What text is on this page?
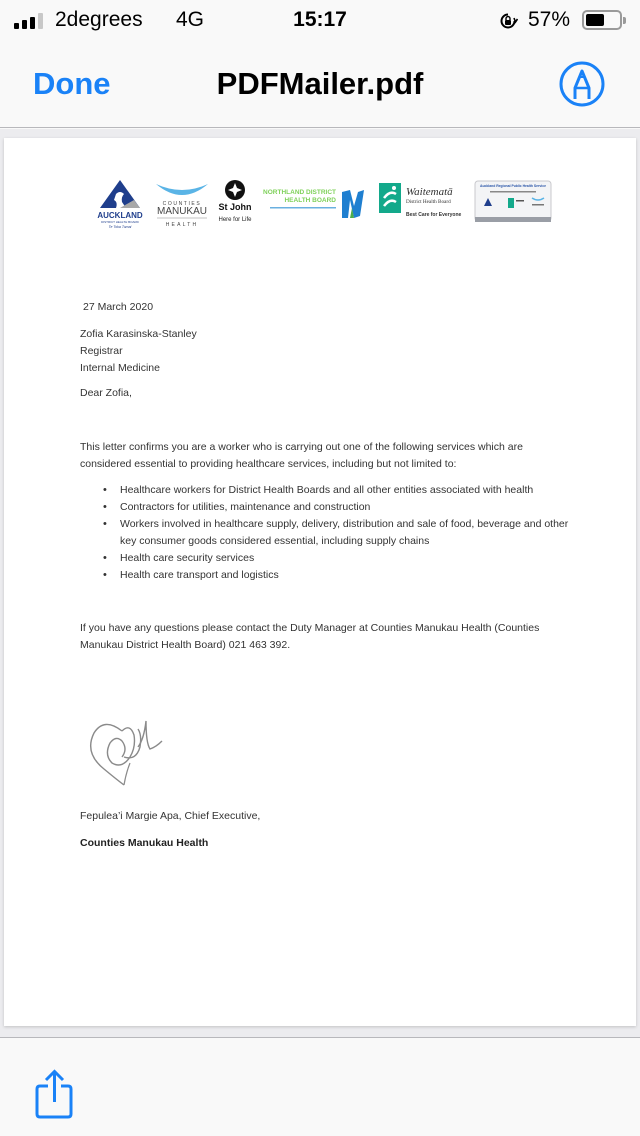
2degrees 4G	15:17	57%
Done	PDFMailer.pdf
AUCKLAND
DISTRICT HEALTH BOARD
Te Toka Tumai
COUNTIES
MANUKAU
HEALTH
St John
Here for Life
NORTHLAND DISTRICT
HEALTH BOARD
Waitematā
District Health Board
Best Care for Everyone
Auckland Regional Public Health Service
27 March 2020
Zofia Karasinska-Stanley
Registrar
Internal Medicine
Dear Zofia,
This letter confirms you are a worker who is carrying out one of the following services which are considered essential to providing healthcare services, including but not limited to:
• Healthcare workers for District Health Boards and all other entities associated with health
• Contractors for utilities, maintenance and construction
• Workers involved in healthcare supply, delivery, distribution and sale of food, beverage and other key consumer goods considered essential, including supply chains
• Health care security services
• Health care transport and logistics
If you have any questions please contact the Duty Manager at Counties Manukau Health (Counties Manukau District Health Board) 021 463 392.
Fepulea’i Margie Apa, Chief Executive,
Counties Manukau Health
